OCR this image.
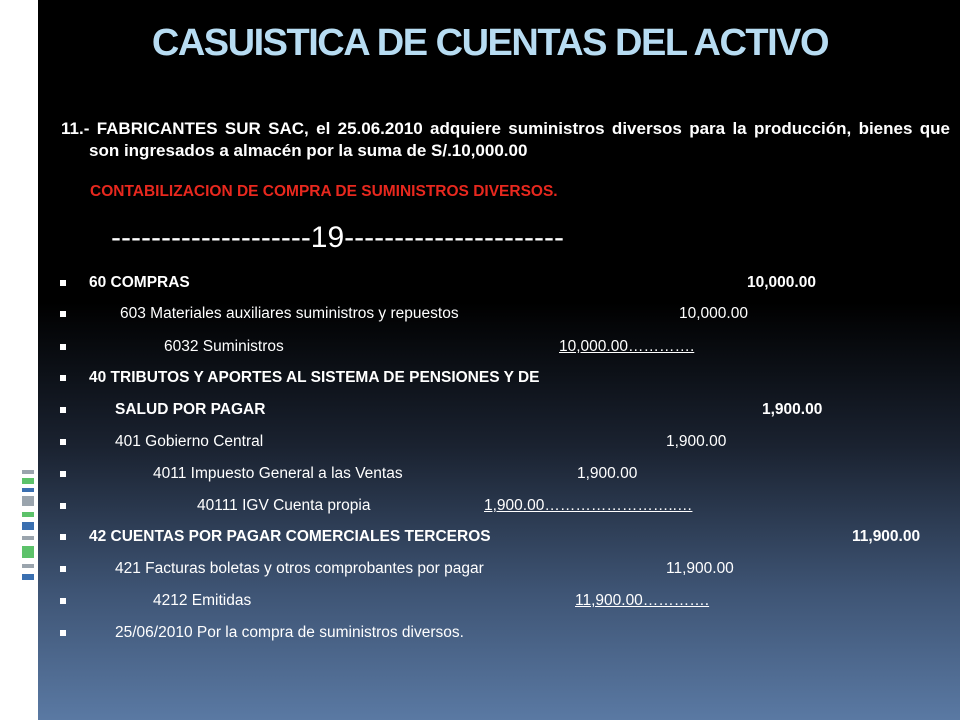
CASUISTICA DE CUENTAS DEL ACTIVO
11.- FABRICANTES SUR SAC, el 25.06.2010 adquiere suministros diversos para la producción, bienes que son ingresados a almacén por la suma de S/.10,000.00
CONTABILIZACION DE COMPRA DE SUMINISTROS DIVERSOS.
--------------------19----------------------
60 COMPRAS	10,000.00
603 Materiales auxiliares suministros y repuestos	10,000.00
6032 Suministros	10,000.00………….
40 TRIBUTOS Y APORTES AL SISTEMA DE PENSIONES Y DE
SALUD POR PAGAR	1,900.00
401 Gobierno Central	1,900.00
4011 Impuesto General a las Ventas	1,900.00
40111 IGV Cuenta propia	1,900.00……………………..…
42 CUENTAS POR PAGAR COMERCIALES TERCEROS	11,900.00
421 Facturas boletas y otros comprobantes por pagar	11,900.00
4212 Emitidas	11,900.00………….
25/06/2010 Por la compra de suministros diversos.
